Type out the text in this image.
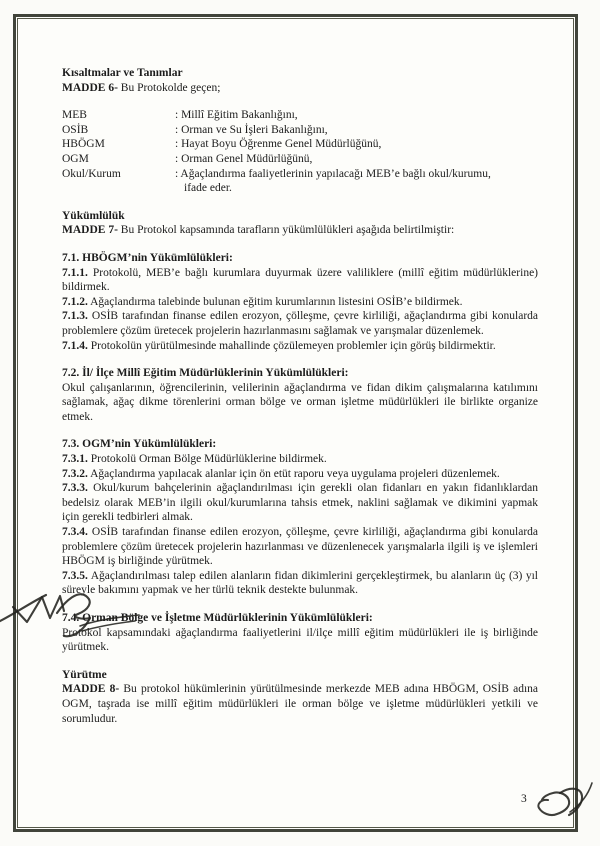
Kısaltmalar ve Tanımlar

MADDE 6- Bu Protokolde geçen;

MEB	: Millî Eğitim Bakanlığını,
OSİB	: Orman ve Su İşleri Bakanlığını,
HBÖGM	: Hayat Boyu Öğrenme Genel Müdürlüğünü,
OGM	: Orman Genel Müdürlüğünü,
Okul/Kurum	: Ağaçlandırma faaliyetlerinin yapılacağı MEB’e bağlı okul/kurumu,

ifade eder.

Yükümlülük

MADDE 7- Bu Protokol kapsamında tarafların yükümlülükleri aşağıda belirtilmiştir:

7.1. HBÖGM’nin Yükümlülükleri:

7.1.1. Protokolü, MEB’e bağlı kurumlara duyurmak üzere valiliklere (millî eğitim müdürlüklerine) bildirmek.

7.1.2. Ağaçlandırma talebinde bulunan eğitim kurumlarının listesini OSİB’e bildirmek.

7.1.3. OSİB tarafından finanse edilen erozyon, çölleşme, çevre kirliliği, ağaçlandırma gibi konularda problemlere çözüm üretecek projelerin hazırlanmasını sağlamak ve yarışmalar düzenlemek.

7.1.4. Protokolün yürütülmesinde mahallinde çözülemeyen problemler için görüş bildirmektir.

7.2. İl/ İlçe Millî Eğitim Müdürlüklerinin Yükümlülükleri:

Okul çalışanlarının, öğrencilerinin, velilerinin ağaçlandırma ve fidan dikim çalışmalarına katılımını sağlamak, ağaç dikme törenlerini orman bölge ve orman işletme müdürlükleri ile birlikte organize etmek.

7.3. OGM’nin Yükümlülükleri:

7.3.1. Protokolü Orman Bölge Müdürlüklerine bildirmek.

7.3.2. Ağaçlandırma yapılacak alanlar için ön etüt raporu veya uygulama projeleri düzenlemek.

7.3.3. Okul/kurum bahçelerinin ağaçlandırılması için gerekli olan fidanları en yakın fidanlıklardan bedelsiz olarak MEB’in ilgili okul/kurumlarına tahsis etmek, naklini sağlamak ve dikimini yapmak için gerekli tedbirleri almak.

7.3.4. OSİB tarafından finanse edilen erozyon, çölleşme, çevre kirliliği, ağaçlandırma gibi konularda problemlere çözüm üretecek projelerin hazırlanması ve düzenlenecek yarışmalarla ilgili iş ve işlemleri HBÖGM iş birliğinde yürütmek.

7.3.5. Ağaçlandırılması talep edilen alanların fidan dikimlerini gerçekleştirmek, bu alanların üç (3) yıl süreyle bakımını yapmak ve her türlü teknik destekte bulunmak.

7.4. Orman Bölge ve İşletme Müdürlüklerinin Yükümlülükleri:

Protokol kapsamındaki ağaçlandırma faaliyetlerini il/ilçe millî eğitim müdürlükleri ile iş birliğinde yürütmek.

Yürütme

MADDE 8- Bu protokol hükümlerinin yürütülmesinde merkezde MEB adına HBÖGM, OSİB adına OGM, taşrada ise millî eğitim müdürlükleri ile orman bölge ve işletme müdürlükleri yetkili ve sorumludur.

3
